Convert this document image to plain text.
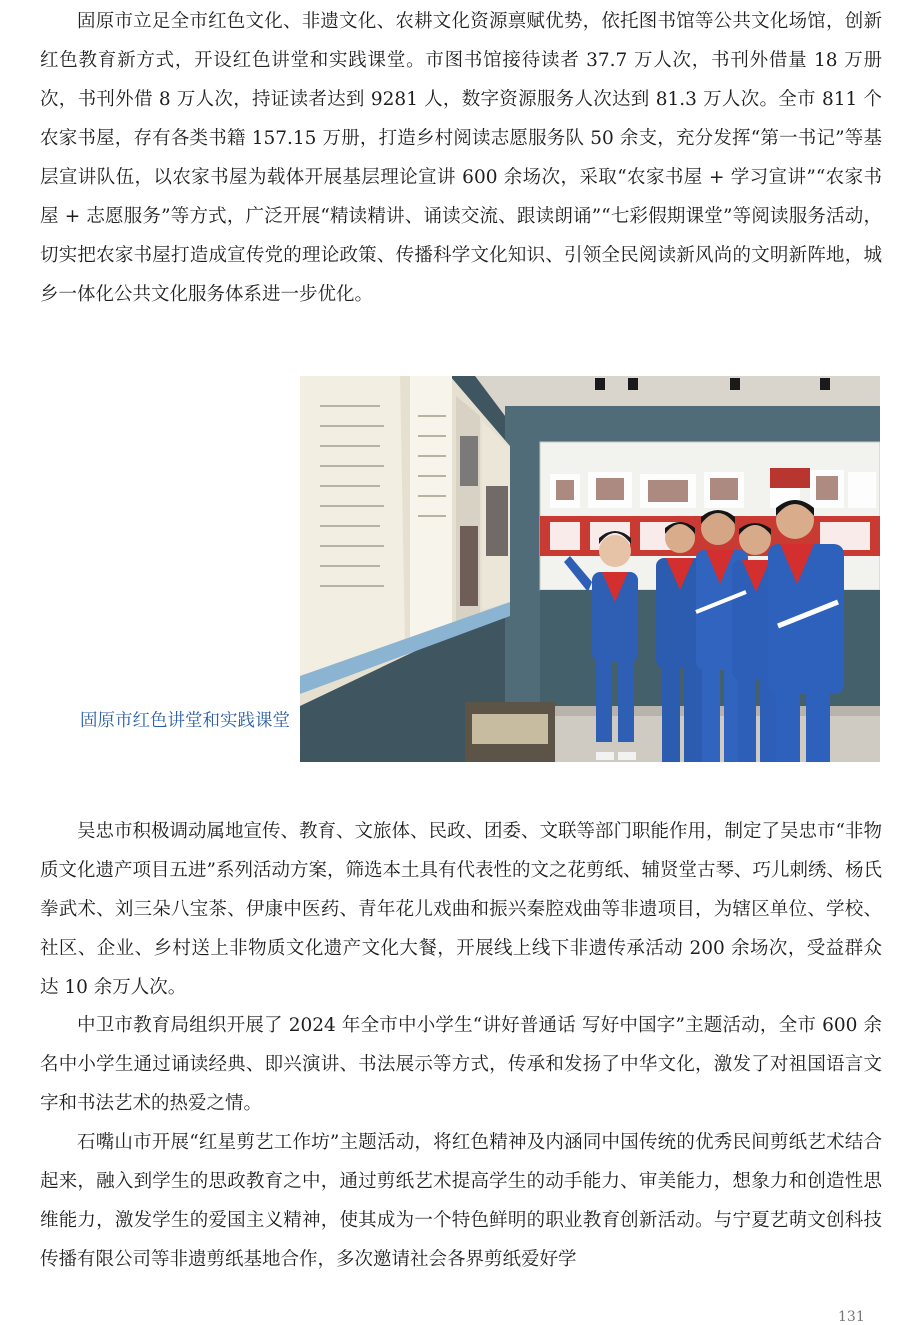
固原市立足全市红色文化、非遗文化、农耕文化资源禀赋优势，依托图书馆等公共文化场馆，创新红色教育新方式，开设红色讲堂和实践课堂。市图书馆接待读者 37.7 万人次，书刊外借量 18 万册次，书刊外借 8 万人次，持证读者达到 9281 人，数字资源服务人次达到 81.3 万人次。全市 811 个农家书屋，存有各类书籍 157.15 万册，打造乡村阅读志愿服务队 50 余支，充分发挥“第一书记”等基层宣讲队伍，以农家书屋为载体开展基层理论宣讲 600 余场次，采取“农家书屋 + 学习宣讲”“农家书屋 + 志愿服务”等方式，广泛开展“精读精讲、诵读交流、跟读朗诵”“七彩假期课堂”等阅读服务活动，切实把农家书屋打造成宣传党的理论政策、传播科学文化知识、引领全民阅读新风尚的文明新阵地，城乡一体化公共文化服务体系进一步优化。

固原市红色讲堂和实践课堂

吴忠市积极调动属地宣传、教育、文旅体、民政、团委、文联等部门职能作用，制定了吴忠市“非物质文化遗产项目五进”系列活动方案，筛选本土具有代表性的文之花剪纸、辅贤堂古琴、巧儿刺绣、杨氏拳武术、刘三朵八宝茶、伊康中医药、青年花儿戏曲和振兴秦腔戏曲等非遗项目，为辖区单位、学校、社区、企业、乡村送上非物质文化遗产文化大餐，开展线上线下非遗传承活动 200 余场次，受益群众达 10 余万人次。

中卫市教育局组织开展了 2024 年全市中小学生“讲好普通话 写好中国字”主题活动，全市 600 余名中小学生通过诵读经典、即兴演讲、书法展示等方式，传承和发扬了中华文化，激发了对祖国语言文字和书法艺术的热爱之情。

石嘴山市开展“红星剪艺工作坊”主题活动，将红色精神及内涵同中国传统的优秀民间剪纸艺术结合起来，融入到学生的思政教育之中，通过剪纸艺术提高学生的动手能力、审美能力，想象力和创造性思维能力，激发学生的爱国主义精神，使其成为一个特色鲜明的职业教育创新活动。与宁夏艺萌文创科技传播有限公司等非遗剪纸基地合作，多次邀请社会各界剪纸爱好学

131
